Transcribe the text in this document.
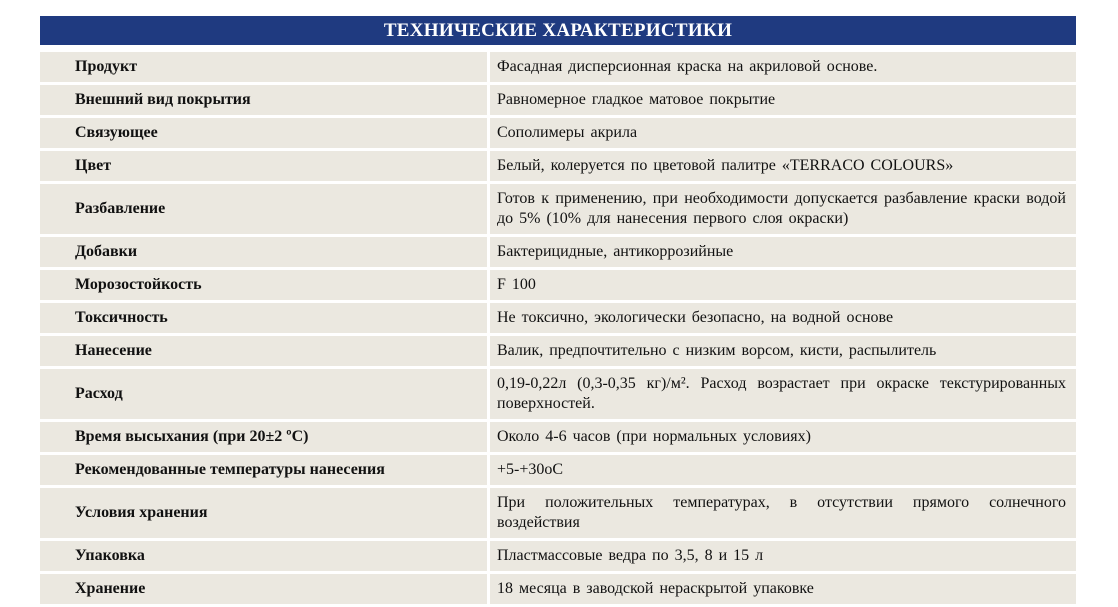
ТЕХНИЧЕСКИЕ ХАРАКТЕРИСТИКИ
Продукт	Фасадная дисперсионная краска на акриловой основе.
Внешний вид покрытия	Равномерное гладкое матовое покрытие
Связующее	Сополимеры акрила
Цвет	Белый, колеруется по цветовой палитре «TERRACO COLOURS»
Разбавление	Готов к применению, при необходимости допускается разбавление краски водой до 5% (10% для нанесения первого слоя окраски)
Добавки	Бактерицидные, антикоррозийные
Морозостойкость	F 100
Токсичность	Не токсично, экологически безопасно, на водной основе
Нанесение	Валик, предпочтительно с низким ворсом, кисти, распылитель
Расход	0,19-0,22л (0,3-0,35 кг)/м². Расход возрастает при окраске текстурированных поверхностей.
Время высыхания (при 20±2 ºС)	Около 4-6 часов (при нормальных условиях)
Рекомендованные температуры нанесения	+5-+30оС
Условия хранения	При положительных температурах, в отсутствии прямого солнечного воздействия
Упаковка	Пластмассовые ведра по 3,5, 8 и 15 л
Хранение	18 месяца в заводской нераскрытой упаковке
